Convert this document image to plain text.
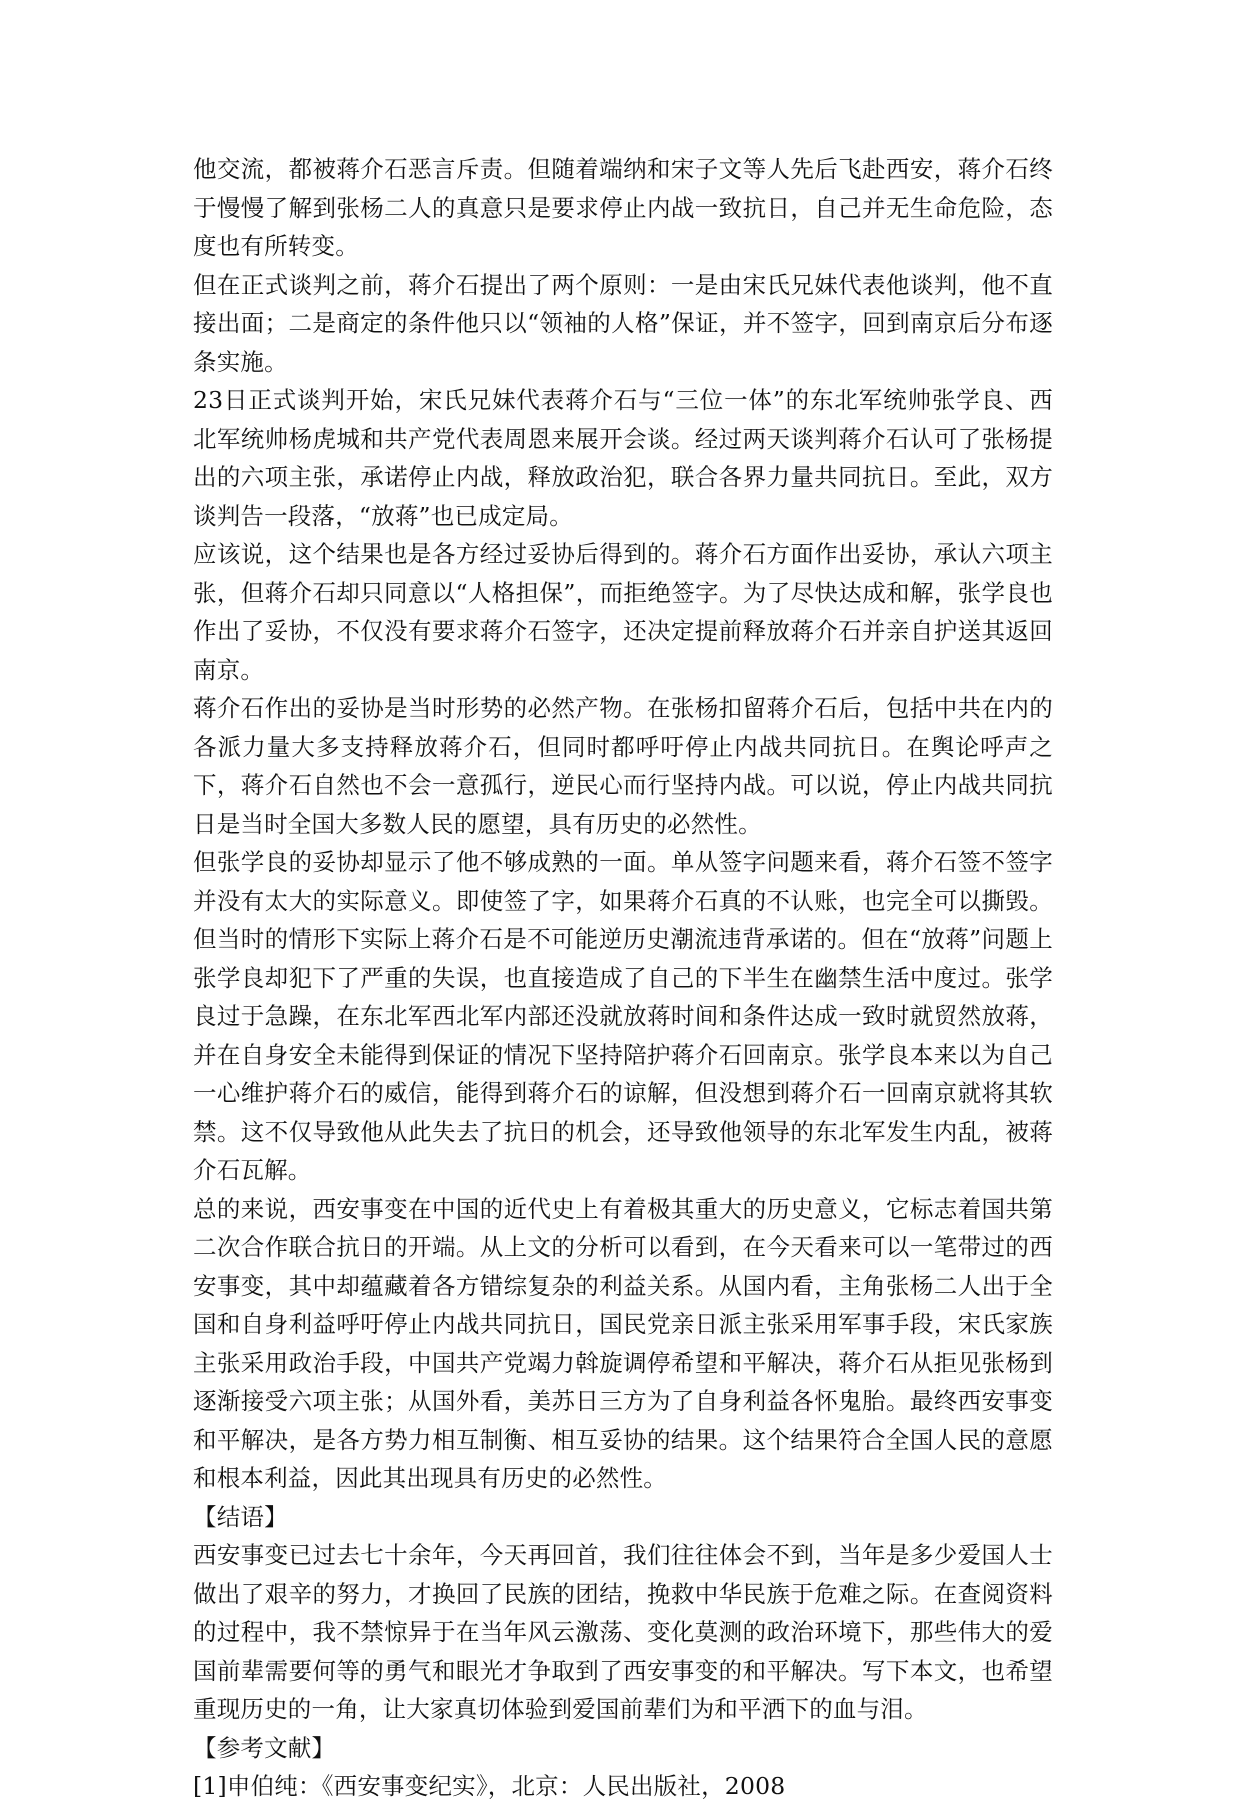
他交流，都被蒋介石恶言斥责。但随着端纳和宋子文等人先后飞赴西安，蒋介石终于慢慢了解到张杨二人的真意只是要求停止内战一致抗日，自己并无生命危险，态度也有所转变。

但在正式谈判之前，蒋介石提出了两个原则：一是由宋氏兄妹代表他谈判，他不直接出面；二是商定的条件他只以“领袖的人格”保证，并不签字，回到南京后分布逐条实施。

23日正式谈判开始，宋氏兄妹代表蒋介石与“三位一体”的东北军统帅张学良、西北军统帅杨虎城和共产党代表周恩来展开会谈。经过两天谈判蒋介石认可了张杨提出的六项主张，承诺停止内战，释放政治犯，联合各界力量共同抗日。至此，双方谈判告一段落，“放蒋”也已成定局。

应该说，这个结果也是各方经过妥协后得到的。蒋介石方面作出妥协，承认六项主张，但蒋介石却只同意以“人格担保”，而拒绝签字。为了尽快达成和解，张学良也作出了妥协，不仅没有要求蒋介石签字，还决定提前释放蒋介石并亲自护送其返回南京。

蒋介石作出的妥协是当时形势的必然产物。在张杨扣留蒋介石后，包括中共在内的各派力量大多支持释放蒋介石，但同时都呼吁停止内战共同抗日。在舆论呼声之下，蒋介石自然也不会一意孤行，逆民心而行坚持内战。可以说，停止内战共同抗日是当时全国大多数人民的愿望，具有历史的必然性。

但张学良的妥协却显示了他不够成熟的一面。单从签字问题来看，蒋介石签不签字并没有太大的实际意义。即使签了字，如果蒋介石真的不认账，也完全可以撕毁。但当时的情形下实际上蒋介石是不可能逆历史潮流违背承诺的。但在“放蒋”问题上张学良却犯下了严重的失误，也直接造成了自己的下半生在幽禁生活中度过。张学良过于急躁，在东北军西北军内部还没就放蒋时间和条件达成一致时就贸然放蒋，并在自身安全未能得到保证的情况下坚持陪护蒋介石回南京。张学良本来以为自己一心维护蒋介石的威信，能得到蒋介石的谅解，但没想到蒋介石一回南京就将其软禁。这不仅导致他从此失去了抗日的机会，还导致他领导的东北军发生内乱，被蒋介石瓦解。

总的来说，西安事变在中国的近代史上有着极其重大的历史意义，它标志着国共第二次合作联合抗日的开端。从上文的分析可以看到，在今天看来可以一笔带过的西安事变，其中却蕴藏着各方错综复杂的利益关系。从国内看，主角张杨二人出于全国和自身利益呼吁停止内战共同抗日，国民党亲日派主张采用军事手段，宋氏家族主张采用政治手段，中国共产党竭力斡旋调停希望和平解决，蒋介石从拒见张杨到逐渐接受六项主张；从国外看，美苏日三方为了自身利益各怀鬼胎。最终西安事变和平解决，是各方势力相互制衡、相互妥协的结果。这个结果符合全国人民的意愿和根本利益，因此其出现具有历史的必然性。

【结语】

西安事变已过去七十余年，今天再回首，我们往往体会不到，当年是多少爱国人士做出了艰辛的努力，才换回了民族的团结，挽救中华民族于危难之际。在查阅资料的过程中，我不禁惊异于在当年风云激荡、变化莫测的政治环境下，那些伟大的爱国前辈需要何等的勇气和眼光才争取到了西安事变的和平解决。写下本文，也希望重现历史的一角，让大家真切体验到爱国前辈们为和平洒下的血与泪。

【参考文献】

[1]申伯纯：《西安事变纪实》，北京：人民出版社，2008
